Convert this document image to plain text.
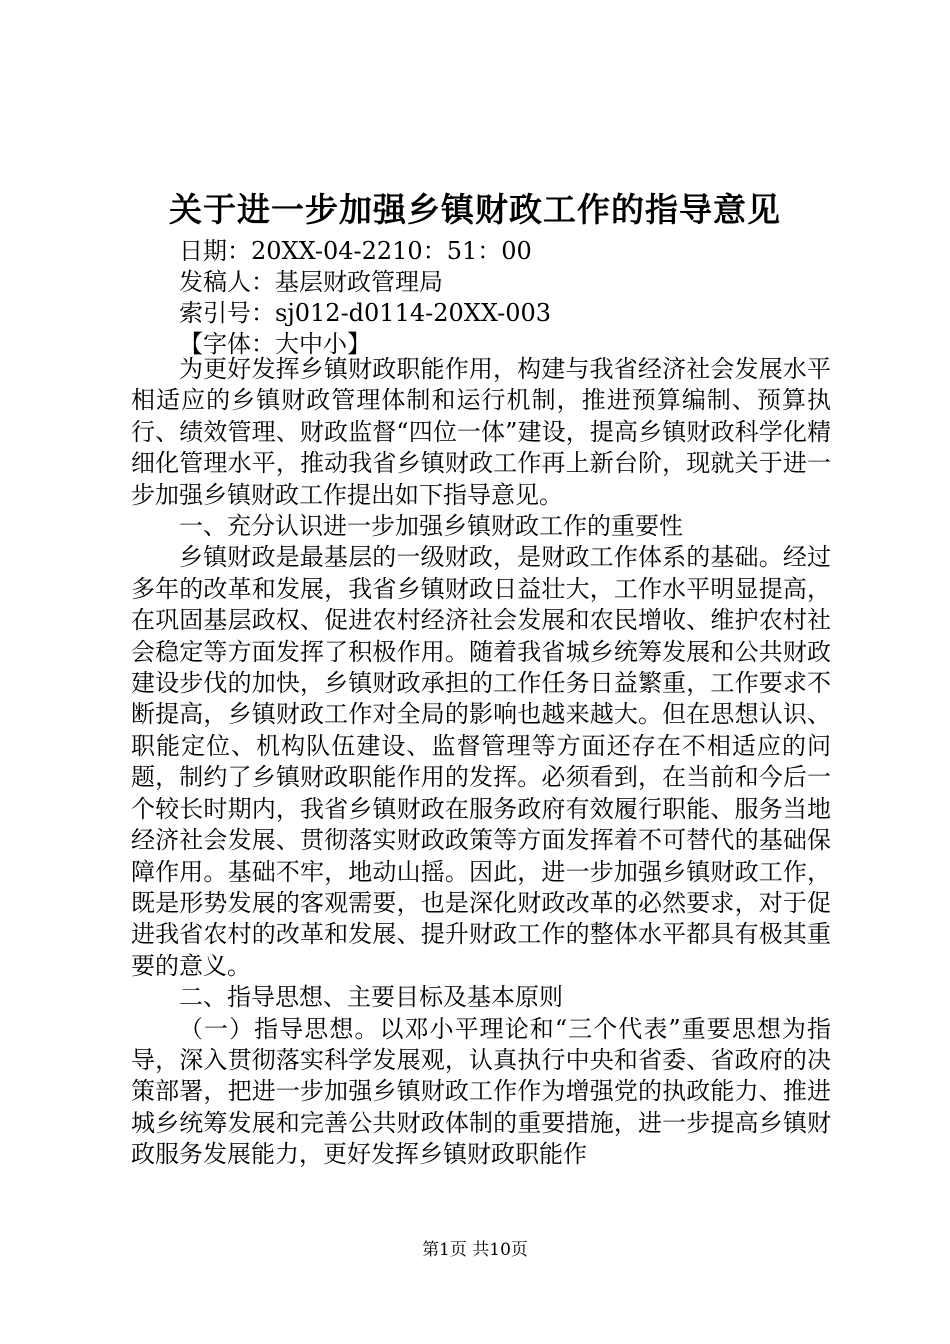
关于进一步加强乡镇财政工作的指导意见
日期：20XX-04-2210：51：00
发稿人：基层财政管理局
索引号：sj012-d0114-20XX-003
【字体：大中小】

为更好发挥乡镇财政职能作用，构建与我省经济社会发展水平相适应的乡镇财政管理体制和运行机制，推进预算编制、预算执行、绩效管理、财政监督“四位一体”建设，提高乡镇财政科学化精细化管理水平，推动我省乡镇财政工作再上新台阶，现就关于进一步加强乡镇财政工作提出如下指导意见。

一、充分认识进一步加强乡镇财政工作的重要性

乡镇财政是最基层的一级财政，是财政工作体系的基础。经过多年的改革和发展，我省乡镇财政日益壮大，工作水平明显提高，在巩固基层政权、促进农村经济社会发展和农民增收、维护农村社会稳定等方面发挥了积极作用。随着我省城乡统筹发展和公共财政建设步伐的加快，乡镇财政承担的工作任务日益繁重，工作要求不断提高，乡镇财政工作对全局的影响也越来越大。但在思想认识、职能定位、机构队伍建设、监督管理等方面还存在不相适应的问题，制约了乡镇财政职能作用的发挥。必须看到，在当前和今后一个较长时期内，我省乡镇财政在服务政府有效履行职能、服务当地经济社会发展、贯彻落实财政政策等方面发挥着不可替代的基础保障作用。基础不牢，地动山摇。因此，进一步加强乡镇财政工作，既是形势发展的客观需要，也是深化财政改革的必然要求，对于促进我省农村的改革和发展、提升财政工作的整体水平都具有极其重要的意义。

二、指导思想、主要目标及基本原则

（一）指导思想。以邓小平理论和“三个代表”重要思想为指导，深入贯彻落实科学发展观，认真执行中央和省委、省政府的决策部署，把进一步加强乡镇财政工作作为增强党的执政能力、推进城乡统筹发展和完善公共财政体制的重要措施，进一步提高乡镇财政服务发展能力，更好发挥乡镇财政职能作

第1页 共10页
